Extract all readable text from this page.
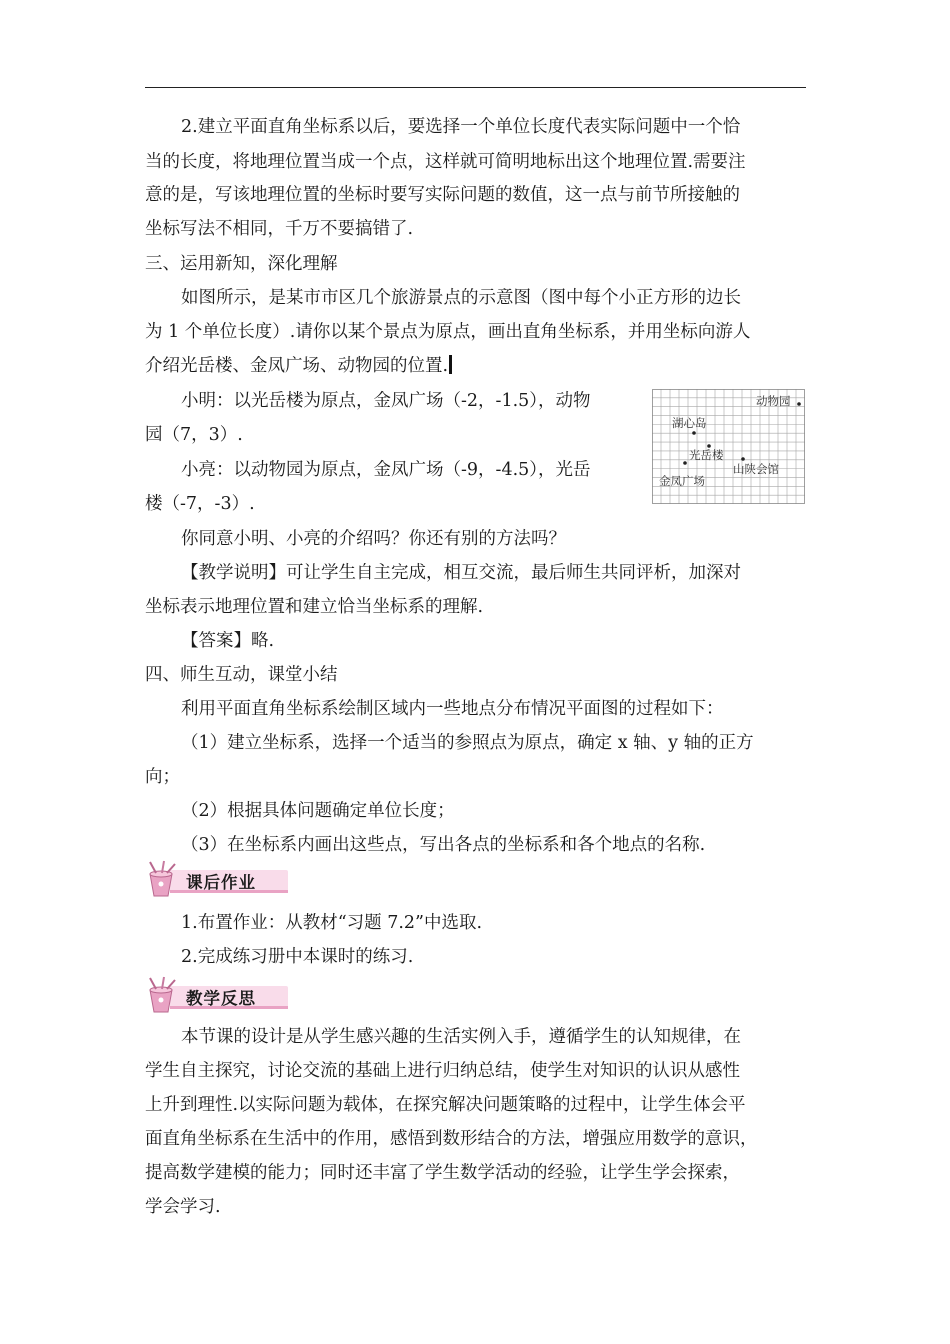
2.建立平面直角坐标系以后，要选择一个单位长度代表实际问题中一个恰
当的长度，将地理位置当成一个点，这样就可简明地标出这个地理位置.需要注
意的是，写该地理位置的坐标时要写实际问题的数值，这一点与前节所接触的
坐标写法不相同，千万不要搞错了.
三、运用新知，深化理解
如图所示，是某市市区几个旅游景点的示意图（图中每个小正方形的边长
为 1 个单位长度）.请你以某个景点为原点，画出直角坐标系，并用坐标向游人
介绍光岳楼、金凤广场、动物园的位置.
小明：以光岳楼为原点，金凤广场（-2，-1.5），动物
园（7，3）.
小亮：以动物园为原点，金凤广场（-9，-4.5），光岳
楼（-7，-3）.
动物园
湖心岛
光岳楼
山陕会馆
金凤广场
你同意小明、小亮的介绍吗？你还有别的方法吗？
【教学说明】可让学生自主完成，相互交流，最后师生共同评析，加深对
坐标表示地理位置和建立恰当坐标系的理解.
【答案】略.
四、师生互动，课堂小结
利用平面直角坐标系绘制区域内一些地点分布情况平面图的过程如下：
（1）建立坐标系，选择一个适当的参照点为原点，确定 x 轴、y 轴的正方
向；
（2）根据具体问题确定单位长度；
（3）在坐标系内画出这些点，写出各点的坐标系和各个地点的名称.
课后作业
1.布置作业：从教材“习题 7.2”中选取.
2.完成练习册中本课时的练习.
教学反思
本节课的设计是从学生感兴趣的生活实例入手，遵循学生的认知规律，在
学生自主探究，讨论交流的基础上进行归纳总结，使学生对知识的认识从感性
上升到理性.以实际问题为载体，在探究解决问题策略的过程中，让学生体会平
面直角坐标系在生活中的作用，感悟到数形结合的方法，增强应用数学的意识，
提高数学建模的能力；同时还丰富了学生数学活动的经验，让学生学会探索，
学会学习.
